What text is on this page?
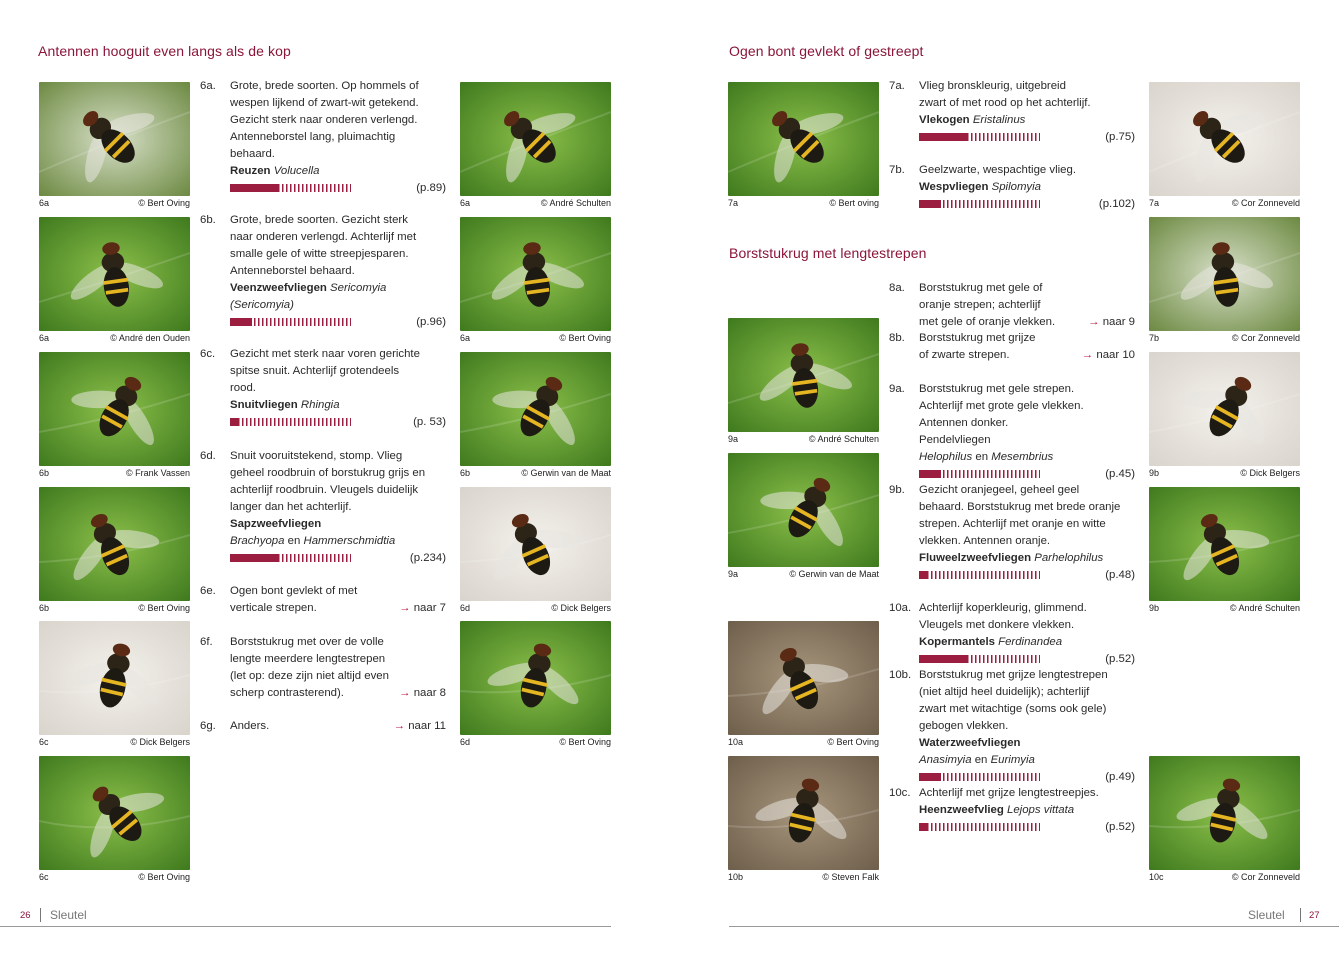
Antennen hooguit even langs als de kop
6a	© Bert Oving
6a	© André den Ouden
6b	© Frank Vassen
6b	© Bert Oving
6c	© Dick Belgers
6c	© Bert Oving
6a	© André Schulten
6a	© Bert Oving
6b	© Gerwin van de Maat
6d	© Dick Belgers
6d	© Bert Oving
6a. Grote, brede soorten. Op hommels of
wespen lijkend of zwart-wit getekend.
Gezicht sterk naar onderen verlengd.
Antenneborstel lang, pluimachtig
behaard.
Reuzen Volucella
(p.89)
6b. Grote, brede soorten. Gezicht sterk
naar onderen verlengd. Achterlijf met
smalle gele of witte streepjesparen.
Antenneborstel behaard.
Veenzweefvliegen Sericomyia
(Sericomyia)
(p.96)
6c. Gezicht met sterk naar voren gerichte
spitse snuit. Achterlijf grotendeels
rood.
Snuitvliegen Rhingia
(p. 53)
6d. Snuit vooruitstekend, stomp. Vlieg
geheel roodbruin of borstukrug grijs en
achterlijf roodbruin. Vleugels duidelijk
langer dan het achterlijf.
Sapzweefvliegen
Brachyopa en Hammerschmidtia
(p.234)
6e. Ogen bont gevlekt of met
verticale strepen.	→ naar 7
6f. Borststukrug met over de volle
lengte meerdere lengtestrepen
(let op: deze zijn niet altijd even
scherp contrasterend).	→ naar 8
6g. Anders.	→ naar 11
26 Sleutel
Ogen bont gevlekt of gestreept
Borststukrug met lengtestrepen
7a	© Bert oving
9a	© André Schulten
9a	© Gerwin van de Maat
10a	© Bert Oving
10b	© Steven Falk
7a	© Cor Zonneveld
7b	© Cor Zonneveld
9b	© Dick Belgers
9b	© André Schulten
10c	© Cor Zonneveld
7a. Vlieg bronskleurig, uitgebreid
zwart of met rood op het achterlijf.
Vlekogen Eristalinus
(p.75)
7b. Geelzwarte, wespachtige vlieg.
Wespvliegen Spilomyia
(p.102)
8a. Borststukrug met gele of
oranje strepen; achterlijf
met gele of oranje vlekken.	→ naar 9
8b. Borststukrug met grijze
of zwarte strepen.	→ naar 10
9a. Borststukrug met gele strepen.
Achterlijf met grote gele vlekken.
Antennen donker.
Pendelvliegen
Helophilus en Mesembrius
(p.45)
9b. Gezicht oranjegeel, geheel geel
behaard. Borststukrug met brede oranje
strepen. Achterlijf met oranje en witte
vlekken. Antennen oranje.
Fluweelzweefvliegen Parhelophilus
(p.48)
10a. Achterlijf koperkleurig, glimmend.
Vleugels met donkere vlekken.
Kopermantels Ferdinandea
(p.52)
10b. Borststukrug met grijze lengtestrepen
(niet altijd heel duidelijk); achterlijf
zwart met witachtige (soms ook gele)
gebogen vlekken.
Waterzweefvliegen
Anasimyia en Eurimyia
(p.49)
10c. Achterlijf met grijze lengtestreepjes.
Heenzweefvlieg Lejops vittata
(p.52)
Sleutel	27
